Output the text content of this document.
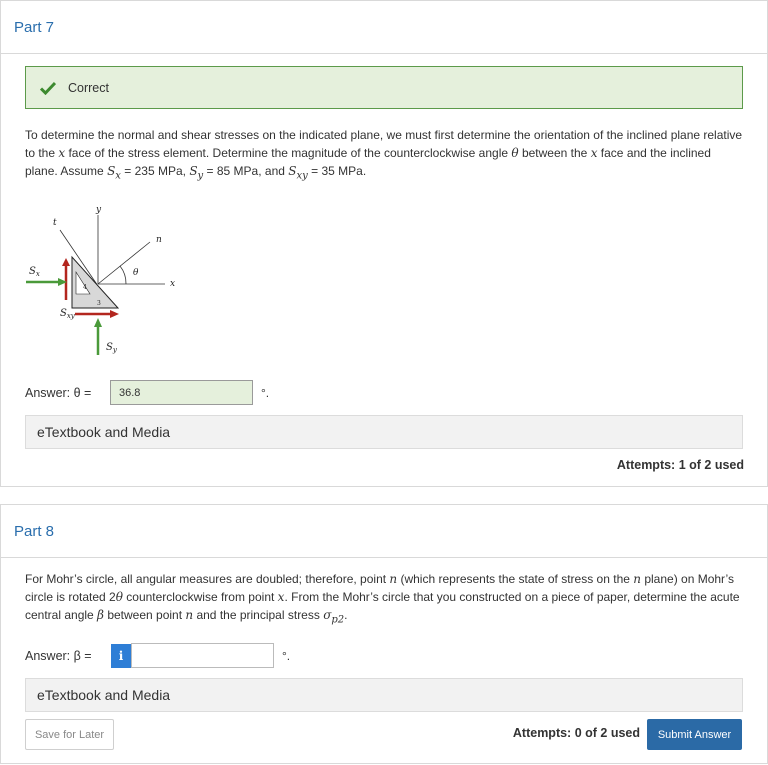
Part 7
Correct
To determine the normal and shear stresses on the indicated plane, we must first determine the orientation of the inclined plane relative to the x face of the stress element. Determine the magnitude of the counterclockwise angle θ between the x face and the inclined plane. Assume $S_x = 235$ MPa, $S_y = 85$ MPa, and $S_{xy} = 35$ MPa.
t
y
n
x
θ
4
3
$S_x$
$S_{xy}$
$S_y$
Answer: θ =
36.8	°.
eTextbook and Media
Attempts: 1 of 2 used
Part 8
For Mohr’s circle, all angular measures are doubled; therefore, point n (which represents the state of stress on the n plane) on Mohr’s circle is rotated 2θ counterclockwise from point x. From the Mohr’s circle that you constructed on a piece of paper, determine the acute central angle β between point n and the principal stress $\sigma_{p2}$.
Answer: β =	i	°.
eTextbook and Media
Save for Later	Attempts: 0 of 2 used	Submit Answer
